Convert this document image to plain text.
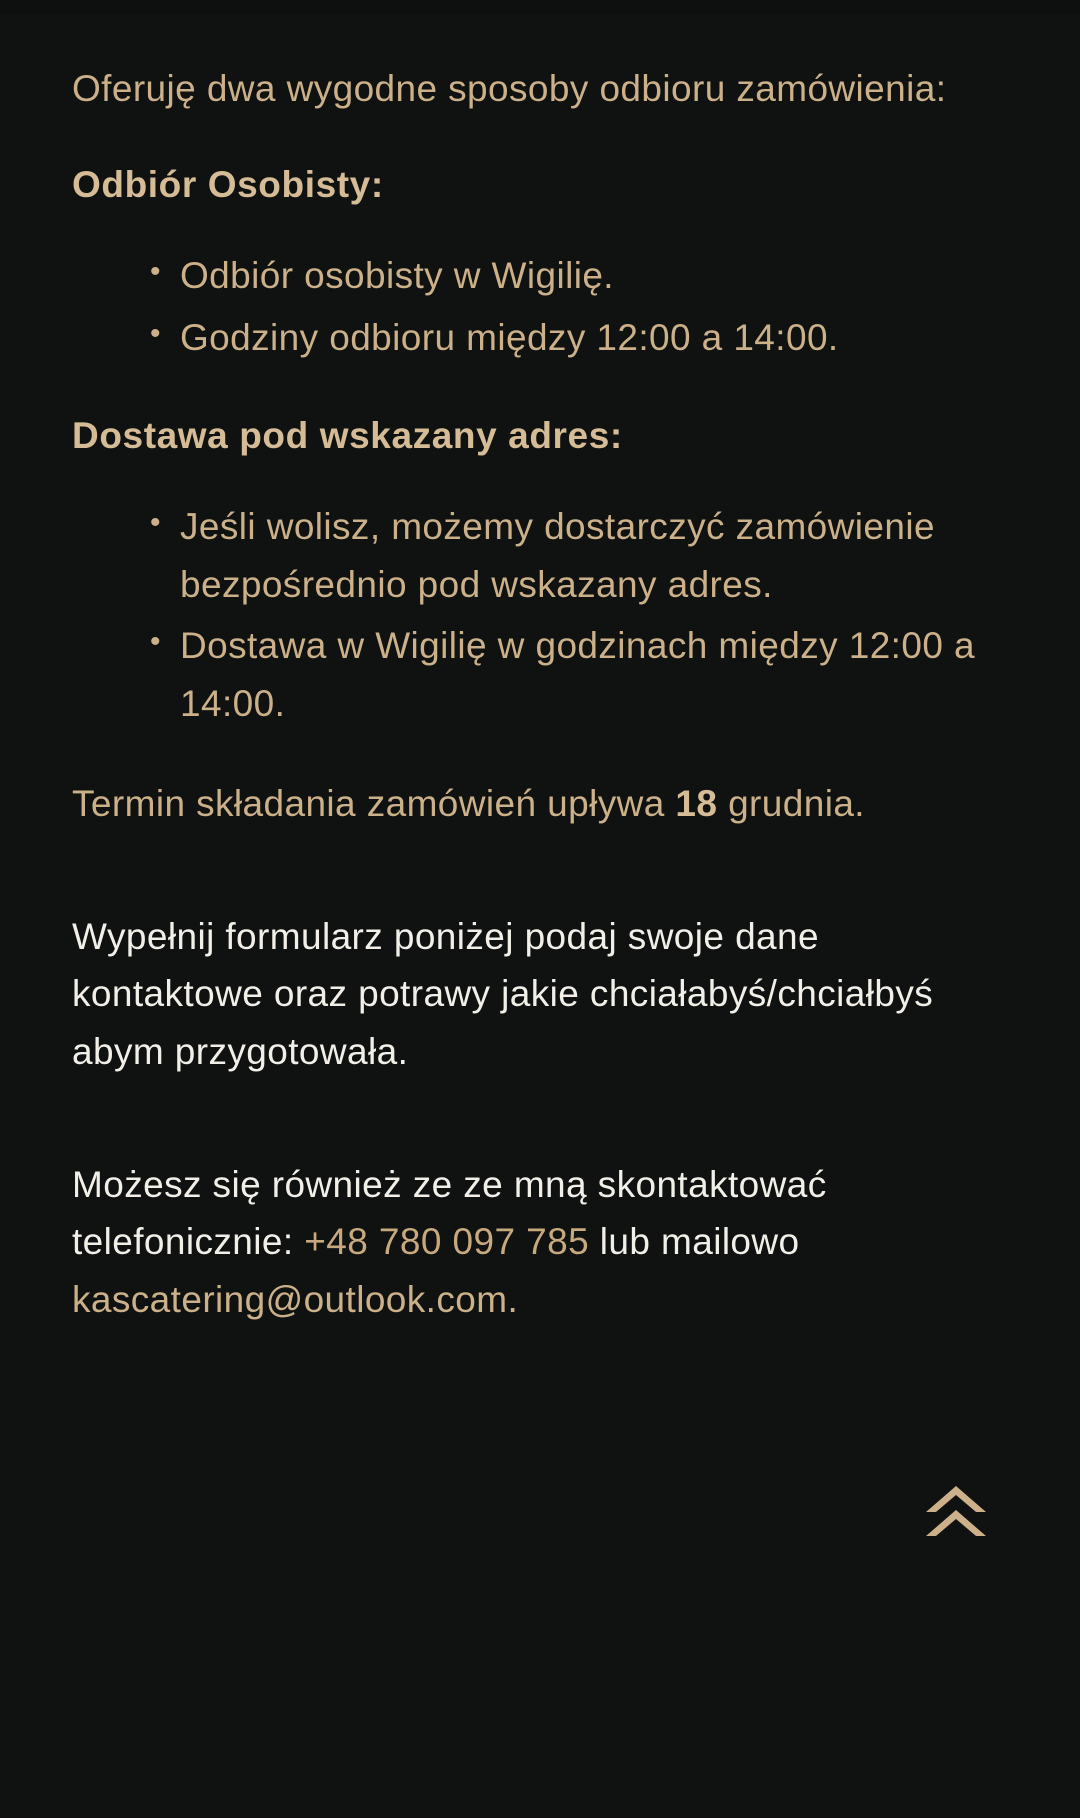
Oferuję dwa wygodne sposoby odbioru zamówienia:

Odbiór Osobisty:

• Odbiór osobisty w Wigilię.
• Godziny odbioru między 12:00 a 14:00.

Dostawa pod wskazany adres:

• Jeśli wolisz, możemy dostarczyć zamówienie bezpośrednio pod wskazany adres.
• Dostawa w Wigilię w godzinach między 12:00 a 14:00.

Termin składania zamówień upływa 18 grudnia.

Wypełnij formularz poniżej podaj swoje dane kontaktowe oraz potrawy jakie chciałabyś/chciałbyś abym przygotowała.

Możesz się również ze ze mną skontaktować telefonicznie: +48 780 097 785 lub mailowo kascatering@outlook.com.
